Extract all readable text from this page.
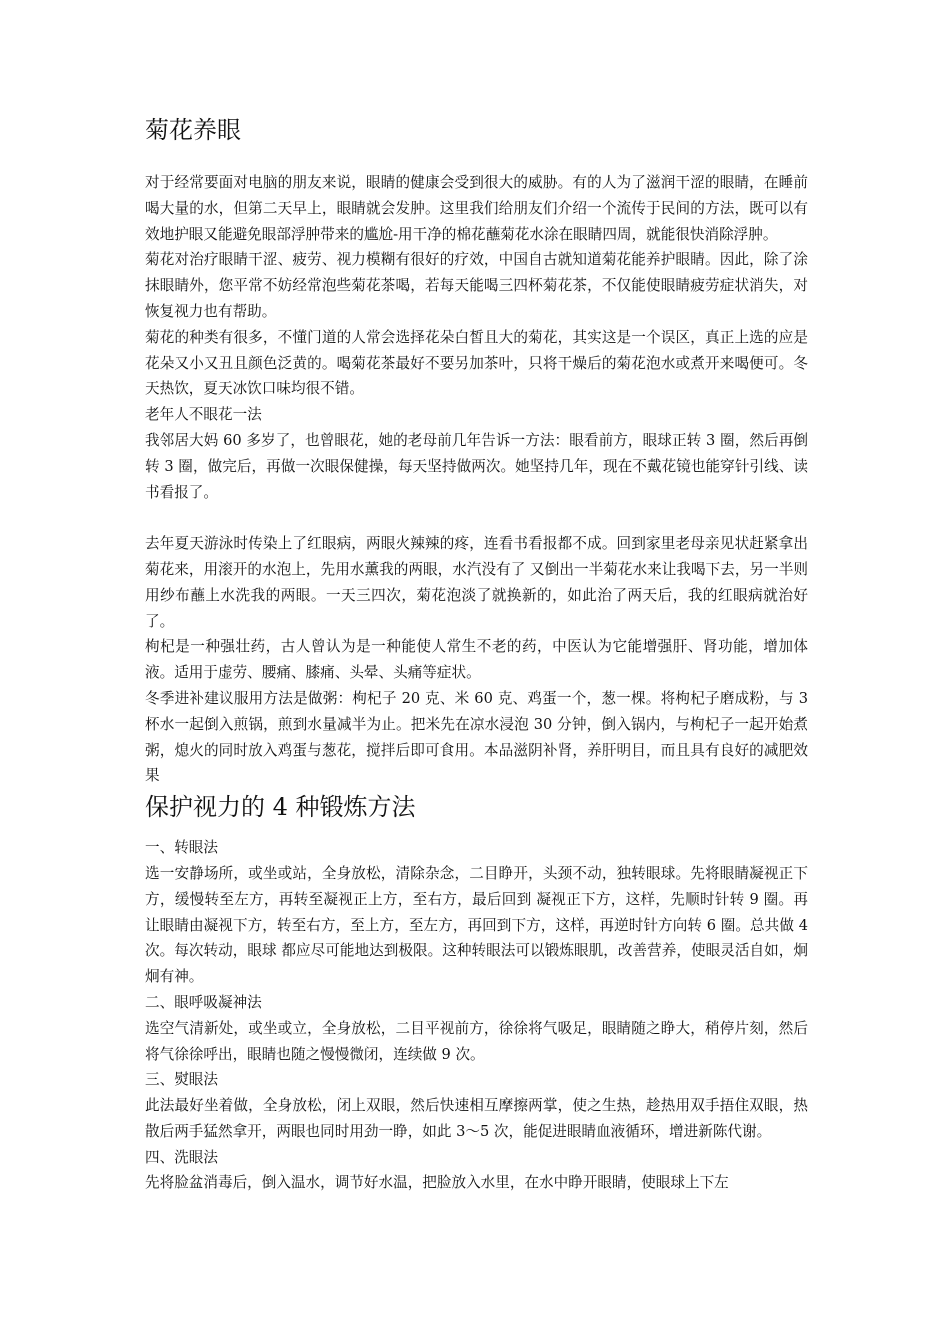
菊花养眼

对于经常要面对电脑的朋友来说，眼睛的健康会受到很大的威胁。有的人为了滋润干涩的眼睛，在睡前喝大量的水，但第二天早上，眼睛就会发肿。这里我们给朋友们介绍一个流传于民间的方法，既可以有效地护眼又能避免眼部浮肿带来的尴尬-用干净的棉花蘸菊花水涂在眼睛四周，就能很快消除浮肿。

菊花对治疗眼睛干涩、疲劳、视力模糊有很好的疗效，中国自古就知道菊花能养护眼睛。因此，除了涂抹眼睛外，您平常不妨经常泡些菊花茶喝，若每天能喝三四杯菊花茶，不仅能使眼睛疲劳症状消失，对恢复视力也有帮助。

菊花的种类有很多，不懂门道的人常会选择花朵白皙且大的菊花，其实这是一个误区，真正上选的应是花朵又小又丑且颜色泛黄的。喝菊花茶最好不要另加茶叶，只将干燥后的菊花泡水或煮开来喝便可。冬天热饮，夏天冰饮口味均很不错。

老年人不眼花一法

我邻居大妈 60 多岁了，也曾眼花，她的老母前几年告诉一方法：眼看前方，眼球正转 3 圈，然后再倒转 3 圈，做完后，再做一次眼保健操，每天坚持做两次。她坚持几年，现在不戴花镜也能穿针引线、读书看报了。

去年夏天游泳时传染上了红眼病，两眼火辣辣的疼，连看书看报都不成。回到家里老母亲见状赶紧拿出菊花来，用滚开的水泡上，先用水薰我的两眼，水汽没有了 又倒出一半菊花水来让我喝下去，另一半则用纱布蘸上水洗我的两眼。一天三四次，菊花泡淡了就换新的，如此治了两天后，我的红眼病就治好了。

枸杞是一种强壮药，古人曾认为是一种能使人常生不老的药，中医认为它能增强肝、肾功能，增加体液。适用于虚劳、腰痛、膝痛、头晕、头痛等症状。

冬季进补建议服用方法是做粥：枸杞子 20 克、米 60 克、鸡蛋一个，葱一棵。将枸杞子磨成粉，与 3 杯水一起倒入煎锅，煎到水量减半为止。把米先在凉水浸泡 30 分钟，倒入锅内，与枸杞子一起开始煮粥，熄火的同时放入鸡蛋与葱花，搅拌后即可食用。本品滋阴补肾，养肝明目，而且具有良好的减肥效果

保护视力的 4 种锻炼方法

一、转眼法

选一安静场所，或坐或站，全身放松，清除杂念，二目睁开，头颈不动，独转眼球。先将眼睛凝视正下方，缓慢转至左方，再转至凝视正上方，至右方，最后回到 凝视正下方，这样，先顺时针转 9 圈。再让眼睛由凝视下方，转至右方，至上方，至左方，再回到下方，这样，再逆时针方向转 6 圈。总共做 4 次。每次转动，眼球 都应尽可能地达到极限。这种转眼法可以锻炼眼肌，改善营养，使眼灵活自如，炯炯有神。

二、眼呼吸凝神法

选空气清新处，或坐或立，全身放松，二目平视前方，徐徐将气吸足，眼睛随之睁大，稍停片刻，然后将气徐徐呼出，眼睛也随之慢慢微闭，连续做 9 次。

三、熨眼法

此法最好坐着做，全身放松，闭上双眼，然后快速相互摩擦两掌，使之生热，趁热用双手捂住双眼，热散后两手猛然拿开，两眼也同时用劲一睁，如此 3～5 次，能促进眼睛血液循环，增进新陈代谢。

四、洗眼法

先将脸盆消毒后，倒入温水，调节好水温，把脸放入水里，在水中睁开眼睛，使眼球上下左
